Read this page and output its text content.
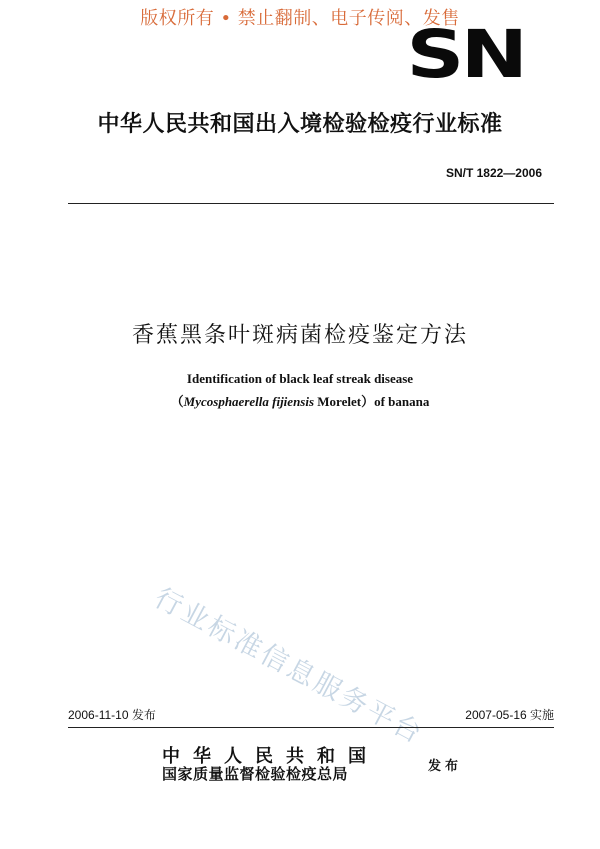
版权所有 • 禁止翻制、电子传阅、发售
SN
中华人民共和国出入境检验检疫行业标准
SN/T 1822—2006
香蕉黑条叶斑病菌检疫鉴定方法
Identification of black leaf streak disease
（Mycosphaerella fijiensis Morelet）of banana
行业标准信息服务平台
2006-11-10 发布	2007-05-16 实施
中华人民共和国
国家质量监督检验检疫总局	发布
